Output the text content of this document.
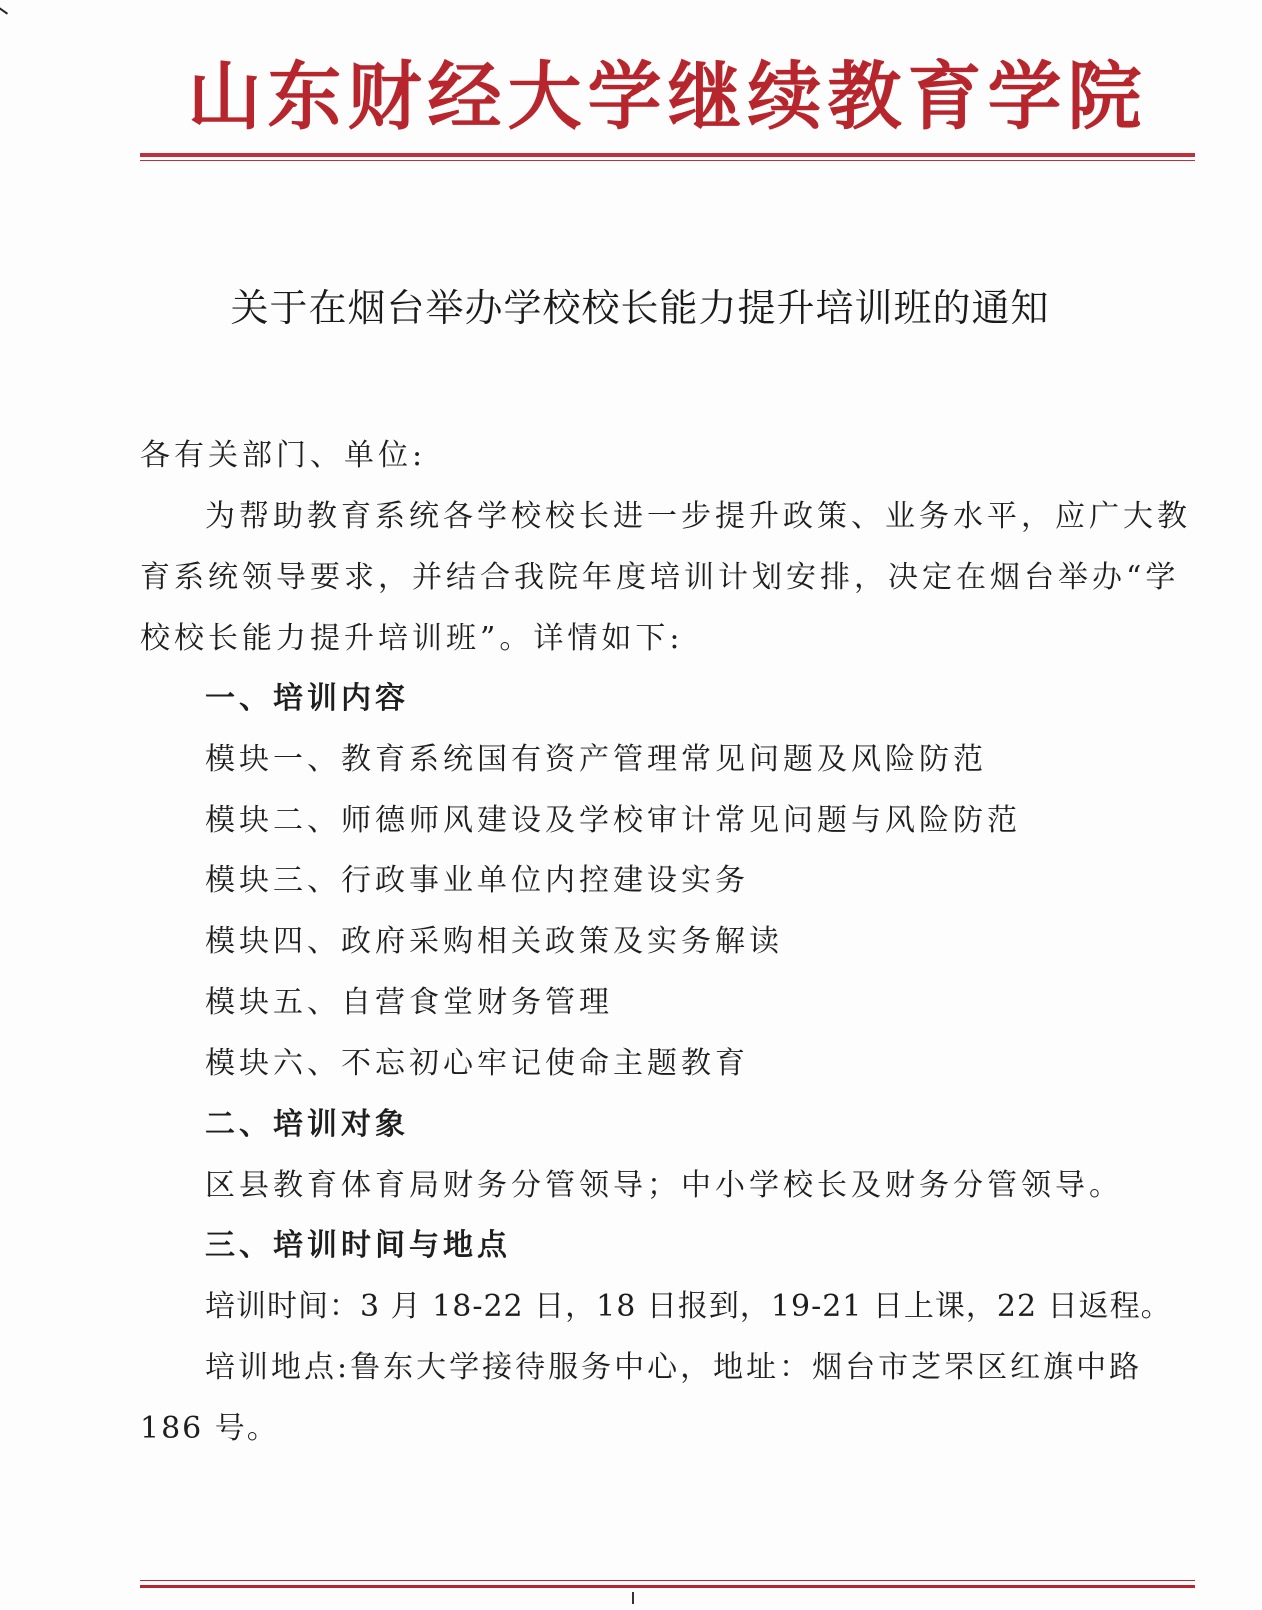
山东财经大学继续教育学院
关于在烟台举办学校校长能力提升培训班的通知
各有关部门、单位:
为帮助教育系统各学校校长进一步提升政策、业务水平，应广大教
育系统领导要求，并结合我院年度培训计划安排，决定在烟台举办“学
校校长能力提升培训班”。详情如下:
一、培训内容
模块一、教育系统国有资产管理常见问题及风险防范
模块二、师德师风建设及学校审计常见问题与风险防范
模块三、行政事业单位内控建设实务
模块四、政府采购相关政策及实务解读
模块五、自营食堂财务管理
模块六、不忘初心牢记使命主题教育
二、培训对象
区县教育体育局财务分管领导；中小学校长及财务分管领导。
三、培训时间与地点
培训时间：3 月 18-22 日，18 日报到，19-21 日上课，22 日返程。
培训地点:鲁东大学接待服务中心，地址：烟台市芝罘区红旗中路
186 号。
